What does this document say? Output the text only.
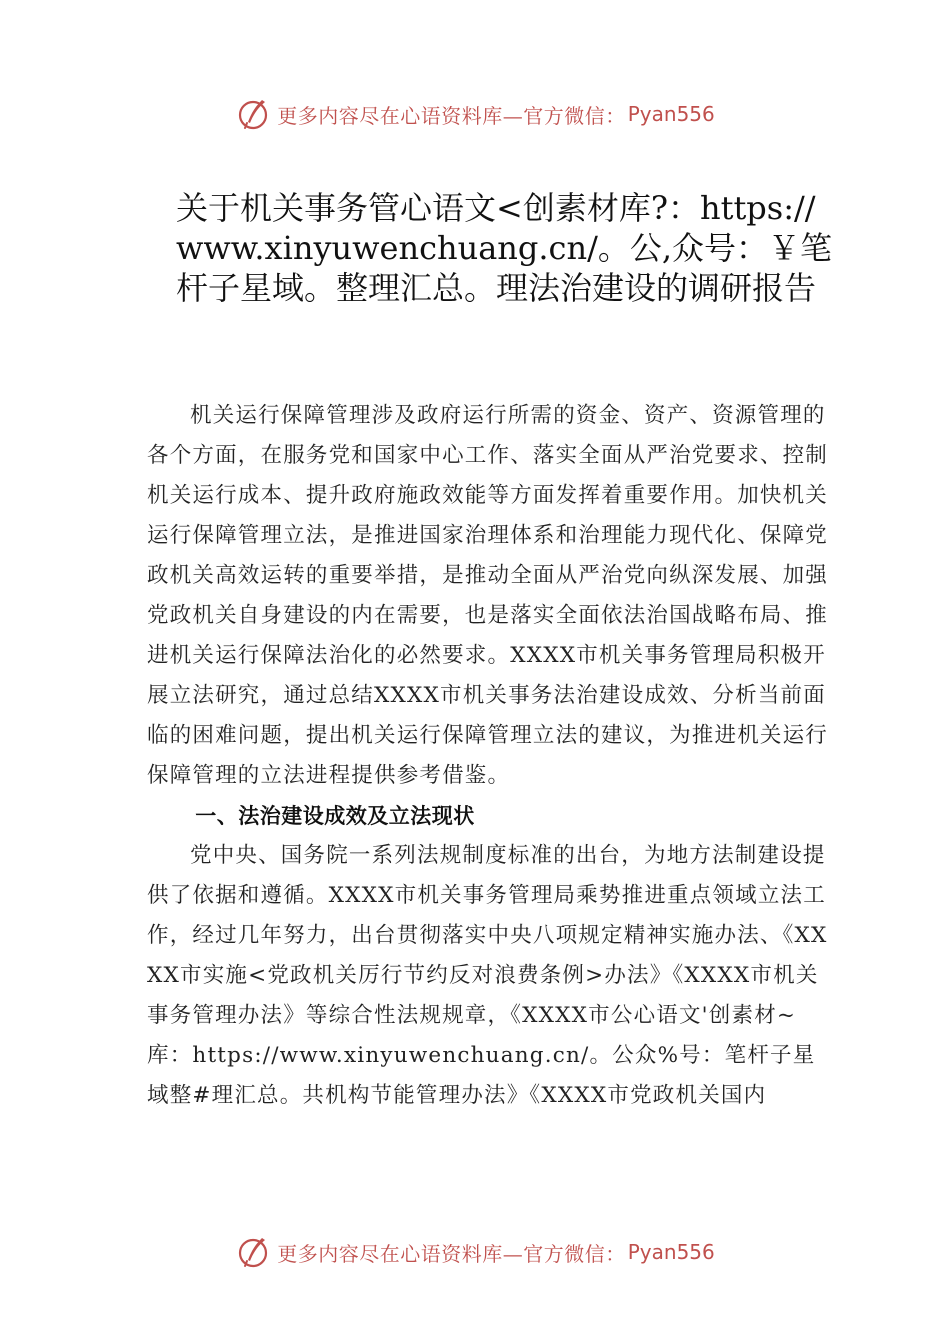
更多内容尽在心语资料库—官方微信： Pyan556
关于机关事务管心语文<创素材库?：https://www.xinyuwenchuang.cn/。公,众号：￥笔杆子星域。整理汇总。理法治建设的调研报告

机关运行保障管理涉及政府运行所需的资金、资产、资源管理的各个方面，在服务党和国家中心工作、落实全面从严治党要求、控制机关运行成本、提升政府施政效能等方面发挥着重要作用。加快机关运行保障管理立法，是推进国家治理体系和治理能力现代化、保障党政机关高效运转的重要举措，是推动全面从严治党向纵深发展、加强党政机关自身建设的内在需要，也是落实全面依法治国战略布局、推进机关运行保障法治化的必然要求。XXXX市机关事务管理局积极开展立法研究，通过总结XXXX市机关事务法治建设成效、分析当前面临的困难问题，提出机关运行保障管理立法的建议，为推进机关运行保障管理的立法进程提供参考借鉴。

一、法治建设成效及立法现状

党中央、国务院一系列法规制度标准的出台，为地方法制建设提供了依据和遵循。XXXX市机关事务管理局乘势推进重点领域立法工作，经过几年努力，出台贯彻落实中央八项规定精神实施办法、《XXXX市实施<党政机关厉行节约反对浪费条例>办法》《XXXX市机关事务管理办法》等综合性法规规章，《XXXX市公心语文'创素材~库：https://www.xinyuwenchuang.cn/。公众%号：笔杆子星域整#理汇总。共机构节能管理办法》《XXXX市党政机关国内

更多内容尽在心语资料库—官方微信： Pyan556
